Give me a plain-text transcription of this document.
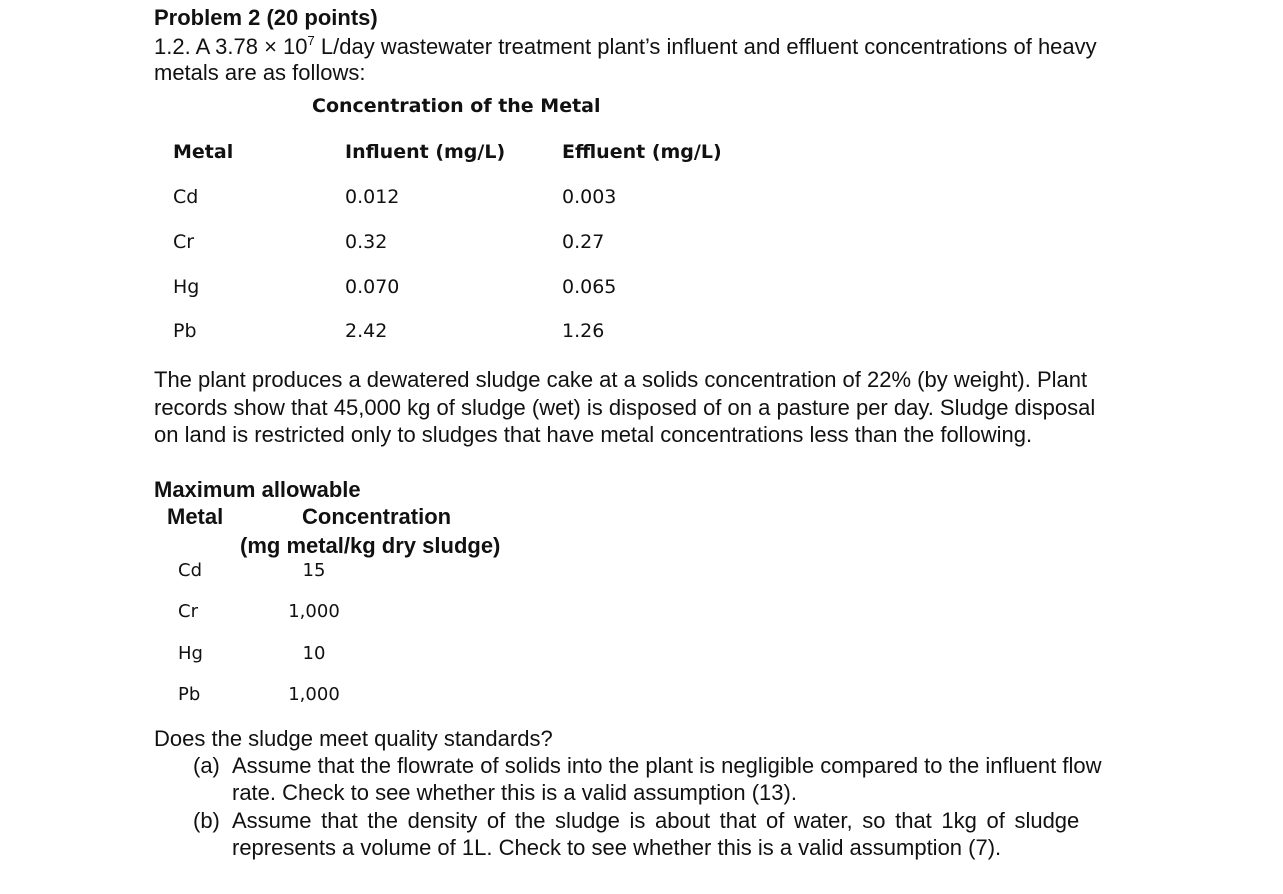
Problem 2 (20 points)
1.2. A $3.78 \times 10^7$ L/day wastewater treatment plant’s influent and effluent concentrations of heavy
metals are as follows:
Concentration of the Metal
Metal	Influent (mg/L)	Effluent (mg/L)
Cd	0.012	0.003
Cr	0.32	0.27
Hg	0.070	0.065
Pb	2.42	1.26
The plant produces a dewatered sludge cake at a solids concentration of 22% (by weight). Plant
records show that 45,000 kg of sludge (wet) is disposed of on a pasture per day. Sludge disposal
on land is restricted only to sludges that have metal concentrations less than the following.
Maximum allowable
Metal	Concentration
(mg metal/kg dry sludge)
Cd	15
Cr	1,000
Hg	10
Pb	1,000
Does the sludge meet quality standards?
(a) Assume that the flowrate of solids into the plant is negligible compared to the influent flow
rate. Check to see whether this is a valid assumption (13).
(b) Assume that the density of the sludge is about that of water, so that 1kg of sludge
represents a volume of 1L. Check to see whether this is a valid assumption (7).
